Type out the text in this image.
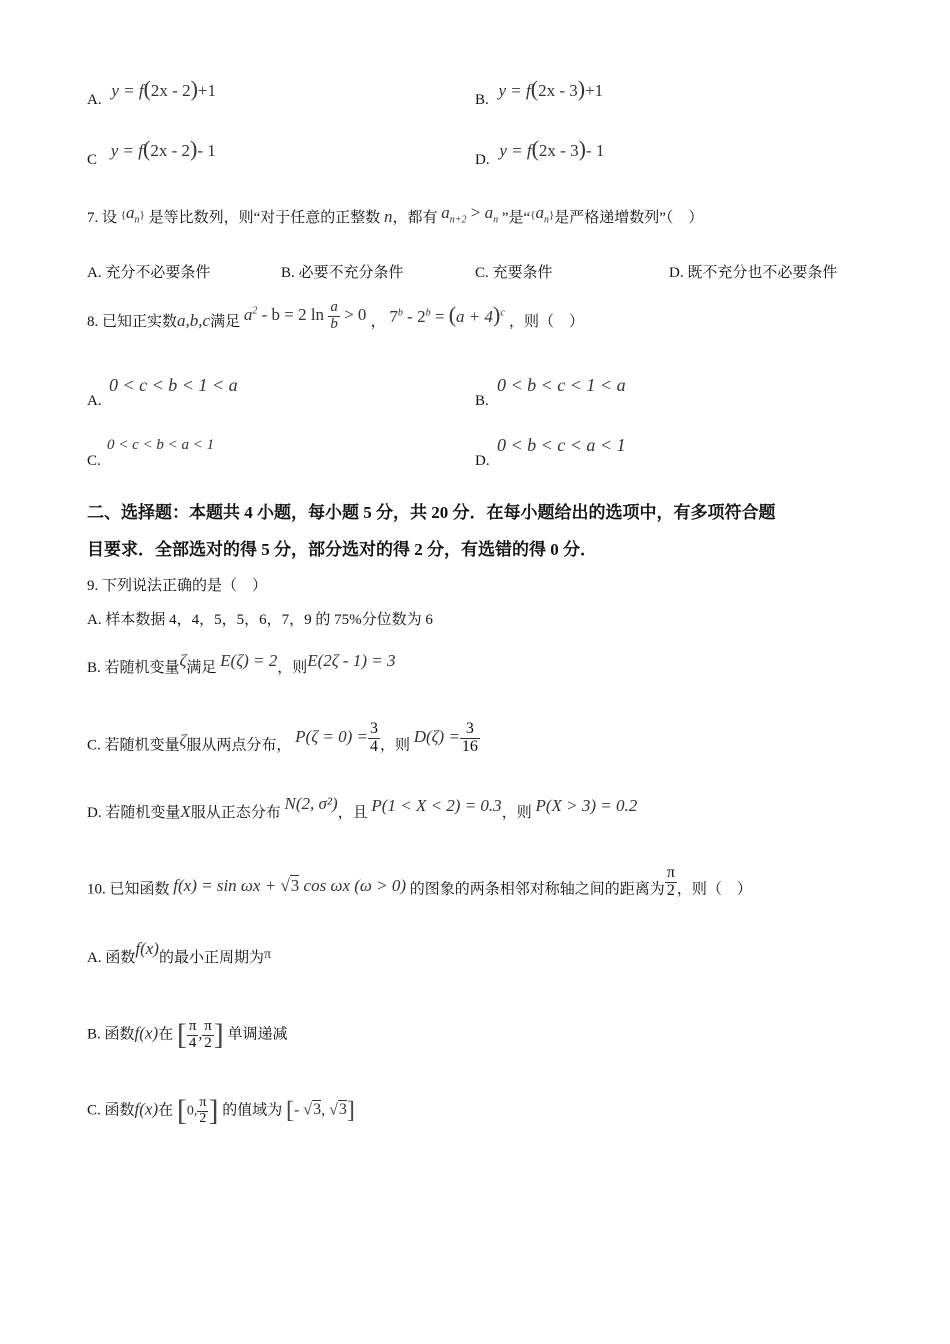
A. y = f(2x - 2)+1	B. y = f(2x - 3)+1
C y = f(2x - 2)- 1	D. y = f(2x - 3)- 1
7. 设 $\{a_n\}$ 是等比数列，则“对于任意的正整数 n，都有 $a_{n+2} > a_n$ ”是“$\{a_n\}$是严格递增数列”（　）
A. 充分不必要条件	B. 必要不充分条件	C. 充要条件	D. 既不充分也不必要条件
8. 已知正实数a,b,c满足 $a^2 - b = 2$ $\ln \frac{a}{b} > 0$ ， $7^b - 2^b = (a + 4)^c$ ，则（　）
A.
0 < c < b < 1 < a
B.
0 < b < c < 1 < a
C.
0 < c < b < a < 1
D.
0 < b < c < a < 1
二、选择题：本题共 4 小题，每小题 5 分，共 20 分．在每小题给出的选项中，有多项符合题
目要求．全部选对的得 5 分，部分选对的得 2 分，有选错的得 0 分．
9. 下列说法正确的是（　）
A. 样本数据 4，4，5，5，6，7，9 的 75%分位数为 6
B. 若随机变量ζ满足 E(ζ) = 2，则E(2ζ - 1) = 3
C. 若随机变量ζ服从两点分布， $P(\zeta = 0) = \frac{3}{4}$ ，则 $D(\zeta) = \frac{3}{16}$
D. 若随机变量X服从正态分布 N(2, σ²)，且 P(1 < X < 2) = 0.3，则 P(X > 3) = 0.2
10. 已知函数 f(x) = sin ωx + √3 cos ωx (ω > 0) 的图象的两条相邻对称轴之间的距离为 $\frac{\pi}{2}$ ，则（　）
A. 函数f(x)的最小正周期为π
B. 函数f(x)在 [ $\frac{\pi}{4}$ , $\frac{\pi}{2}$ ] 单调递减
C. 函数f(x)在 [0, $\frac{\pi}{2}$ ] 的值域为 [- √3, √3]
